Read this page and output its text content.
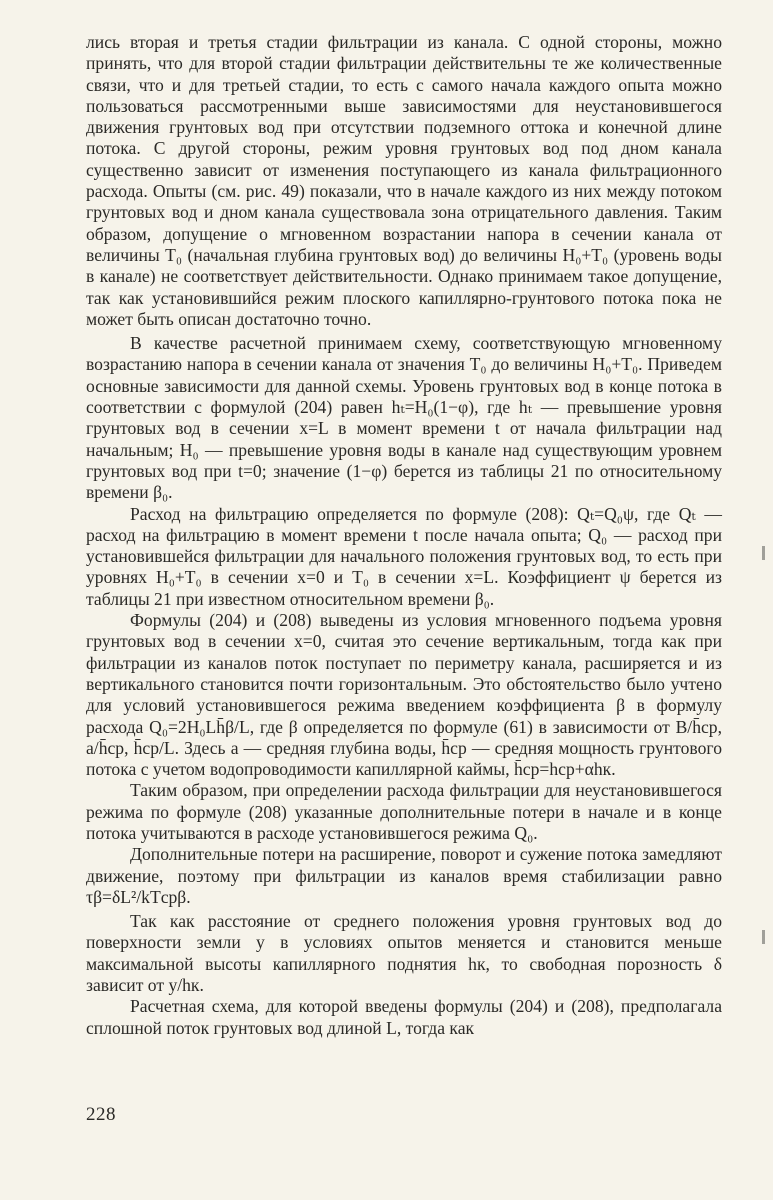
лись вторая и третья стадии фильтрации из канала. С одной стороны, можно принять, что для второй стадии фильтрации действительны те же количественные связи, что и для третьей стадии, то есть с самого начала каждого опыта можно пользоваться рассмотренными выше зависимостями для неустановившегося движения грунтовых вод при отсутствии подземного оттока и конечной длине потока. С другой стороны, режим уровня грунтовых вод под дном канала существенно зависит от изменения поступающего из канала фильтрационного расхода. Опыты (см. рис. 49) показали, что в начале каждого из них между потоком грунтовых вод и дном канала существовала зона отрицательного давления. Таким образом, допущение о мгновенном возрастании напора в сечении канала от величины T₀ (начальная глубина грунтовых вод) до величины H₀+T₀ (уровень воды в канале) не соответствует действительности. Однако принимаем такое допущение, так как установившийся режим плоского капиллярно-грунтового потока пока не может быть описан достаточно точно.

В качестве расчетной принимаем схему, соответствующую мгновенному возрастанию напора в сечении канала от значения T₀ до величины H₀+T₀. Приведем основные зависимости для данной схемы. Уровень грунтовых вод в конце потока в соответствии с формулой (204) равен hₜ=H₀(1−φ), где hₜ — превышение уровня грунтовых вод в сечении x=L в момент времени t от начала фильтрации над начальным; H₀ — превышение уровня воды в канале над существующим уровнем грунтовых вод при t=0; значение (1−φ) берется из таблицы 21 по относительному времени β₀.

Расход на фильтрацию определяется по формуле (208): Qₜ=Q₀ψ, где Qₜ — расход на фильтрацию в момент времени t после начала опыта; Q₀ — расход при установившейся фильтрации для начального положения грунтовых вод, то есть при уровнях H₀+T₀ в сечении x=0 и T₀ в сечении x=L. Коэффициент ψ берется из таблицы 21 при известном относительном времени β₀.

Формулы (204) и (208) выведены из условия мгновенного подъема уровня грунтовых вод в сечении x=0, считая это сечение вертикальным, тогда как при фильтрации из каналов поток поступает по периметру канала, расширяется и из вертикального становится почти горизонтальным. Это обстоятельство было учтено для условий установившегося режима введением коэффициента β в формулу расхода Q₀=2H₀Lh̄β/L, где β определяется по формуле (61) в зависимости от B/h̄ср, a/h̄ср, h̄ср/L. Здесь a — средняя глубина воды, h̄ср — средняя мощность грунтового потока с учетом водопроводимости капиллярной каймы, h̄ср=hср+αhк.

Таким образом, при определении расхода фильтрации для неустановившегося режима по формуле (208) указанные дополнительные потери в начале и в конце потока учитываются в расходе установившегося режима Q₀.

Дополнительные потери на расширение, поворот и сужение потока замедляют движение, поэтому при фильтрации из каналов время стабилизации равно τβ=δL²/kTсрβ.

Так как расстояние от среднего положения уровня грунтовых вод до поверхности земли y в условиях опытов меняется и становится меньше максимальной высоты капиллярного поднятия hк, то свободная порозность δ зависит от y/hк.

Расчетная схема, для которой введены формулы (204) и (208), предполагала сплошной поток грунтовых вод длиной L, тогда как

228
